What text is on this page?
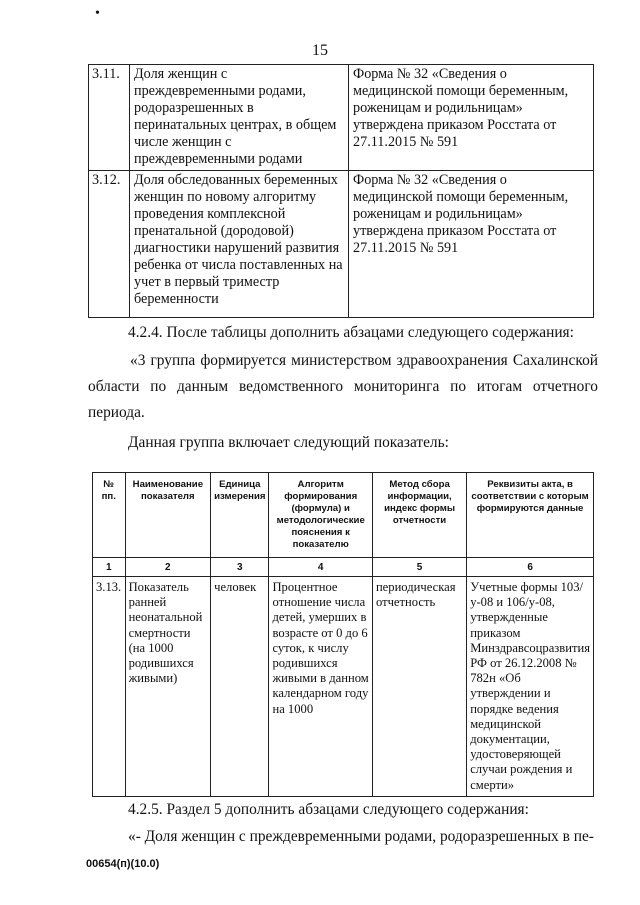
•
15
3.11.	Доля женщин с преждевременными родами, родоразрешенных в перинатальных центрах, в общем числе женщин с преждевременными родами	Форма № 32 «Сведения о медицинской помощи беременным, роженицам и родильницам» утверждена приказом Росстата от 27.11.2015 № 591
3.12.	Доля обследованных беременных женщин по новому алгоритму проведения комплексной пренатальной (дородовой) диагностики нарушений развития ребенка от числа поставленных на учет в первый триместр беременности	Форма № 32 «Сведения о медицинской помощи беременным, роженицам и родильницам» утверждена приказом Росстата от 27.11.2015 № 591
4.2.4. После таблицы дополнить абзацами следующего содержания:
«3 группа формируется министерством здравоохранения Сахалинской области по данным ведомственного мониторинга по итогам отчетного периода.
Данная группа включает следующий показатель:
№ пп.	Наименование показателя	Единица измерения	Алгоритм формирования (формула) и методологические пояснения к показателю	Метод сбора информации, индекс формы отчетности	Реквизиты акта, в соответствии с которым формируются данные
1	2	3	4	5	6
3.13.	Показатель ранней неонатальной смертности (на 1000 родившихся живыми)	человек	Процентное отношение числа детей, умерших в возрасте от 0 до 6 суток, к числу родившихся живыми в данном календарном году на 1000	периодическая отчетность	Учетные формы 103/у-08 и 106/у-08, утвержденные приказом Минздравсоцразвития РФ от 26.12.2008 № 782н «Об утверждении и порядке ведения медицинской документации, удостоверяющей случаи рождения и смерти»
4.2.5. Раздел 5 дополнить абзацами следующего содержания:
«- Доля женщин с преждевременными родами, родоразрешенных в пе-
00654(п)(10.0)
